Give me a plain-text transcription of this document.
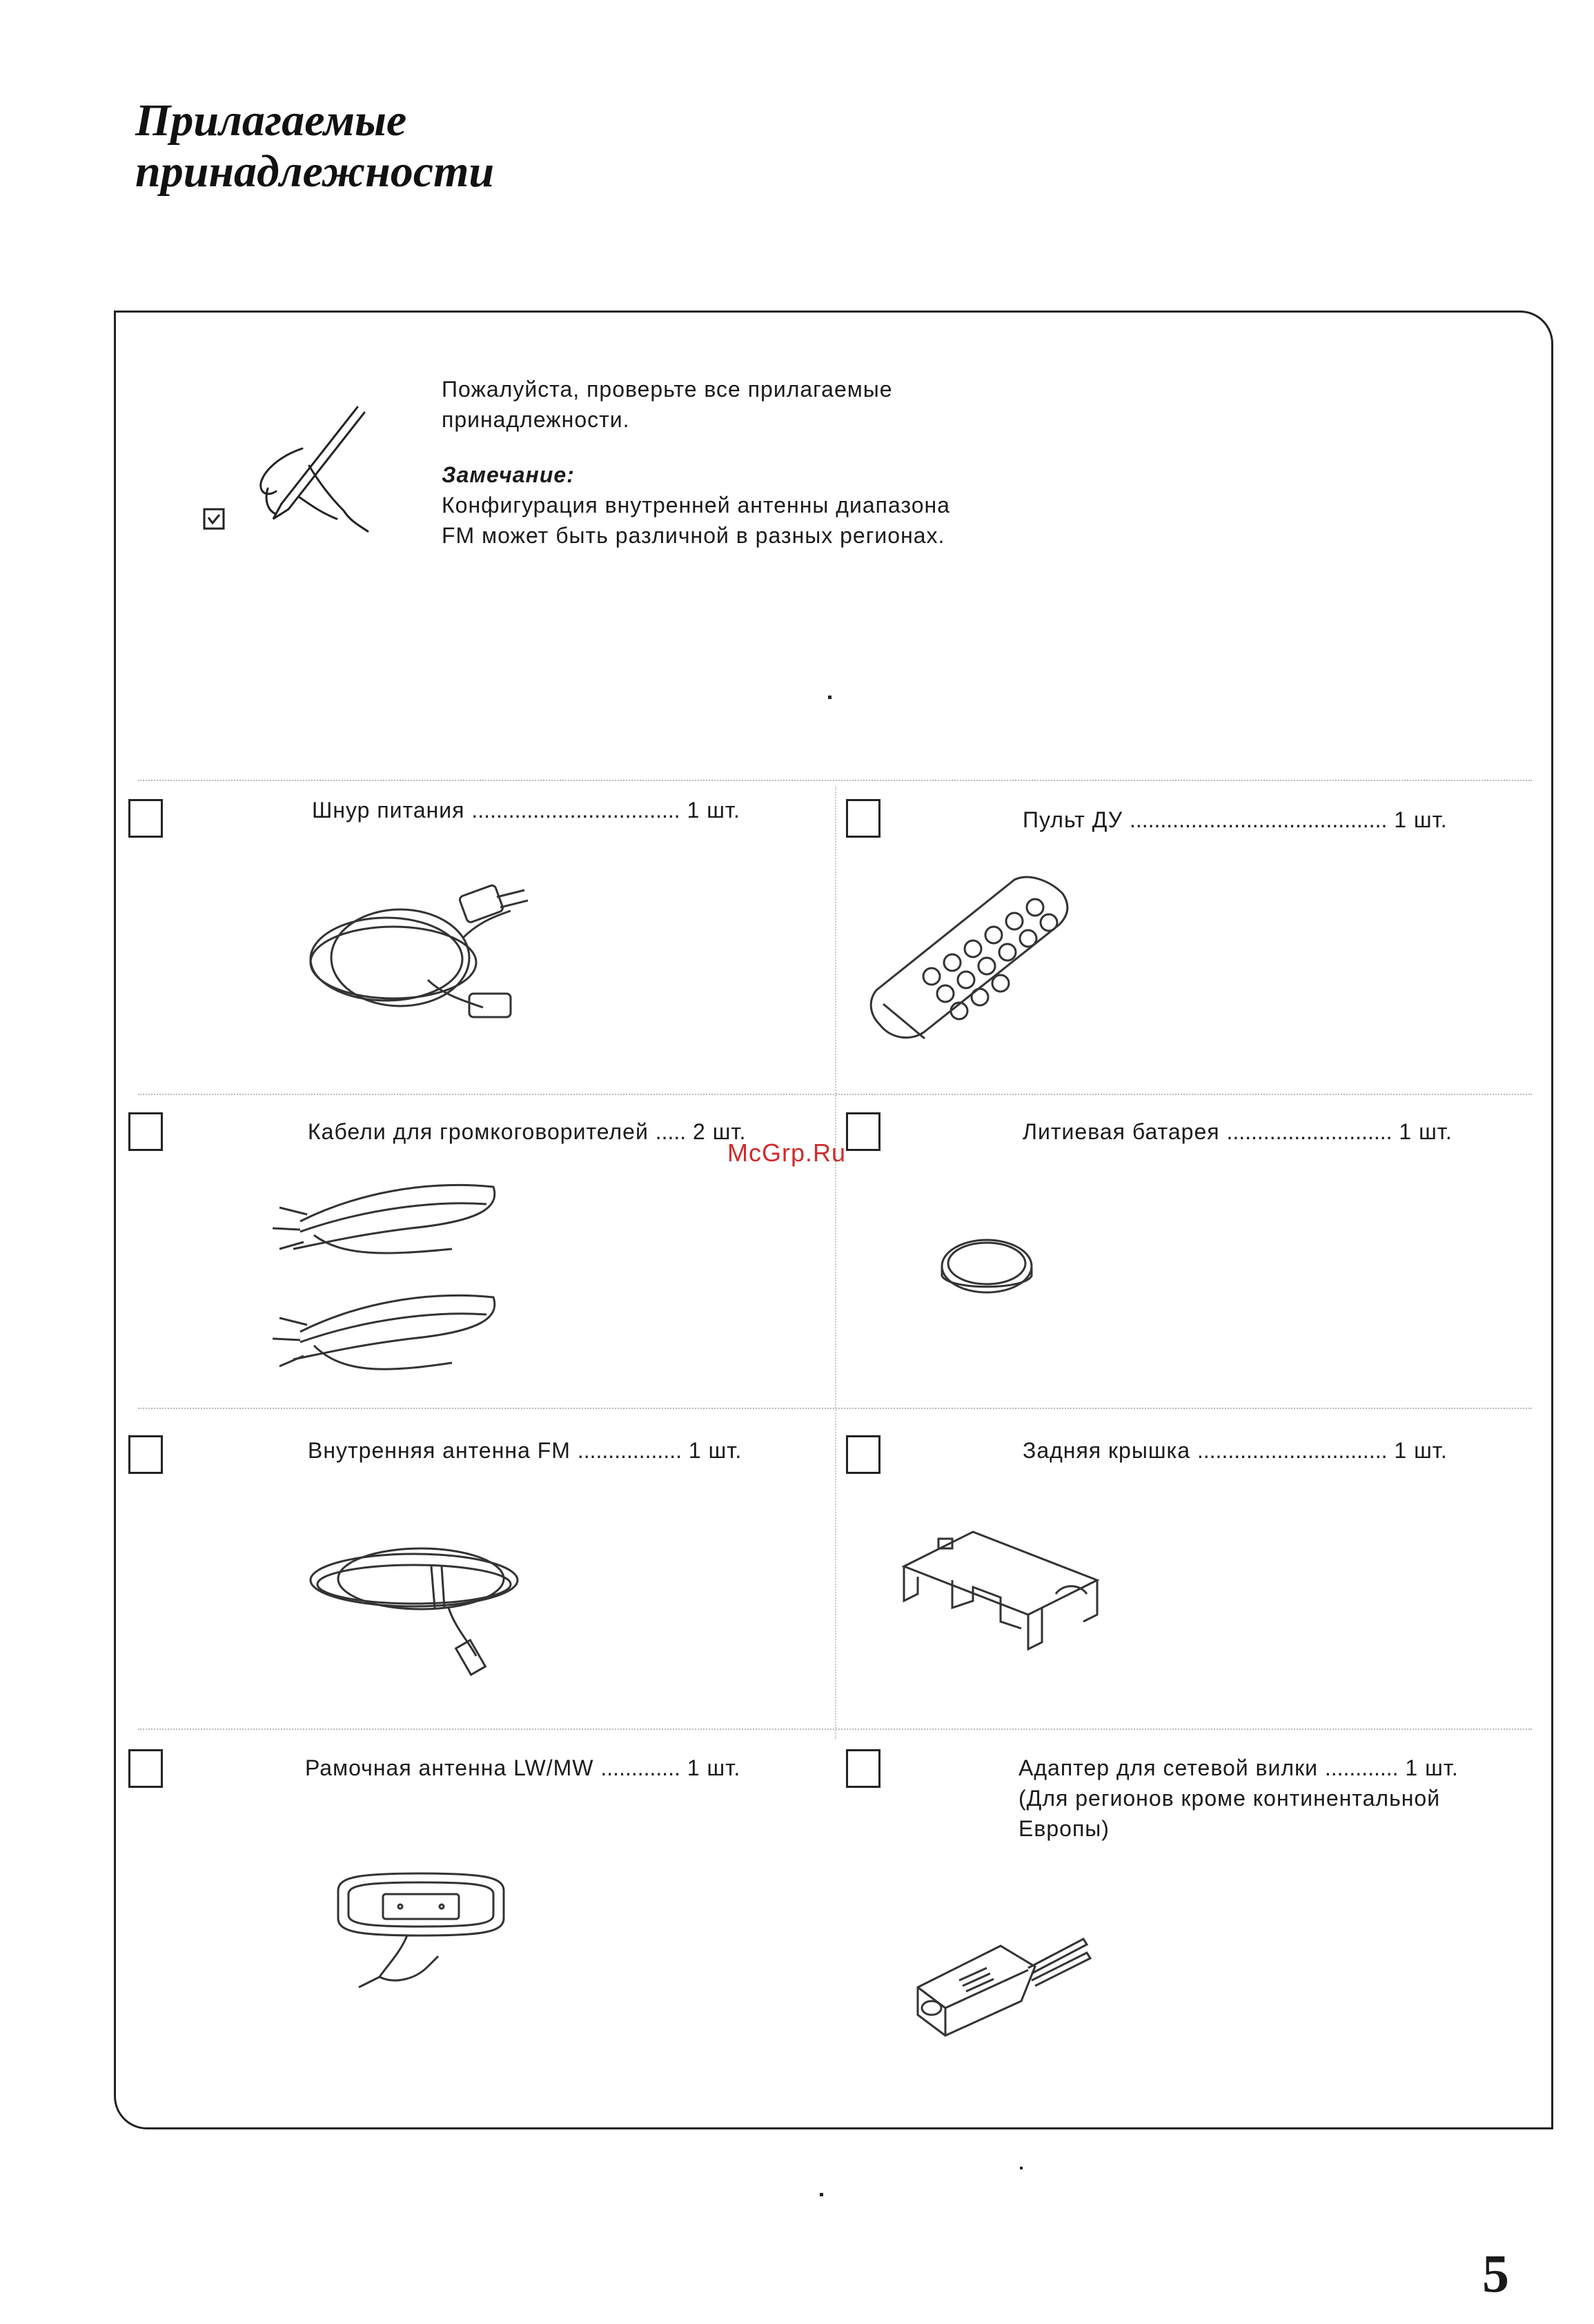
Прилагаемые
принадлежности
Пожалуйста, проверьте все прилагаемые
принадлежности.
Замечание:
Конфигурация внутренней антенны диапазона
FM может быть различной в разных регионах.
Шнур питания .................................. 1 шт.	Пульт ДУ .......................................... 1 шт.
Кабели для громкоговорителей ..... 2 шт.	Литиевая батарея ........................... 1 шт.
Внутренняя антенна FM ................. 1 шт.	Задняя крышка ............................... 1 шт.
Рамочная антенна LW/MW ............. 1 шт.	Адаптер для сетевой вилки ............ 1 шт.
(Для регионов кроме континентальной
Европы)
McGrp.Ru
5
